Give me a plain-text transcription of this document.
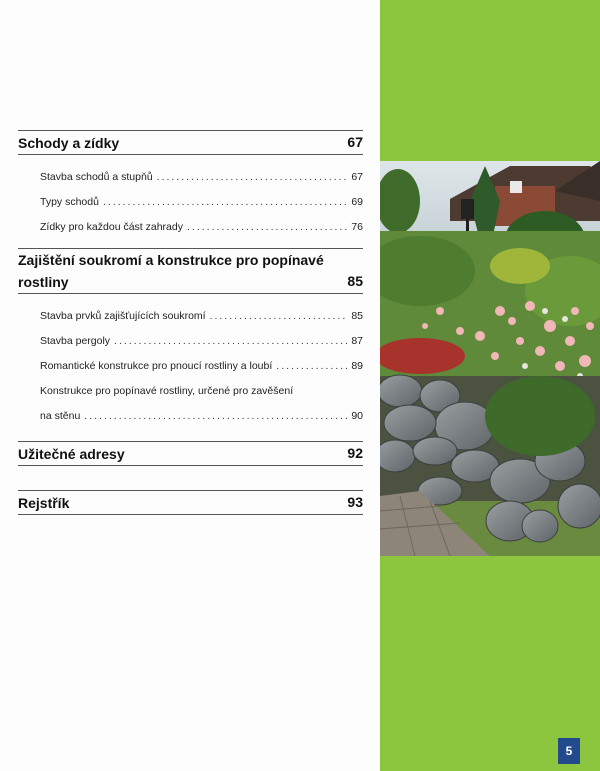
Schody a zídky	67
Stavba schodů a stupňů .....	67
Typy schodů .....	69
Zídky pro každou část zahrady .....	76
Zajištění soukromí a konstrukce pro popínavé rostliny	85
Stavba prvků zajišťujících soukromí .....	85
Stavba pergoly .....	87
Romantické konstrukce pro pnoucí rostliny a loubí .....	89
Konstrukce pro popínavé rostliny, určené pro zavěšení
na stěnu .....	90
Užitečné adresy	92
Rejstřík	93
5
